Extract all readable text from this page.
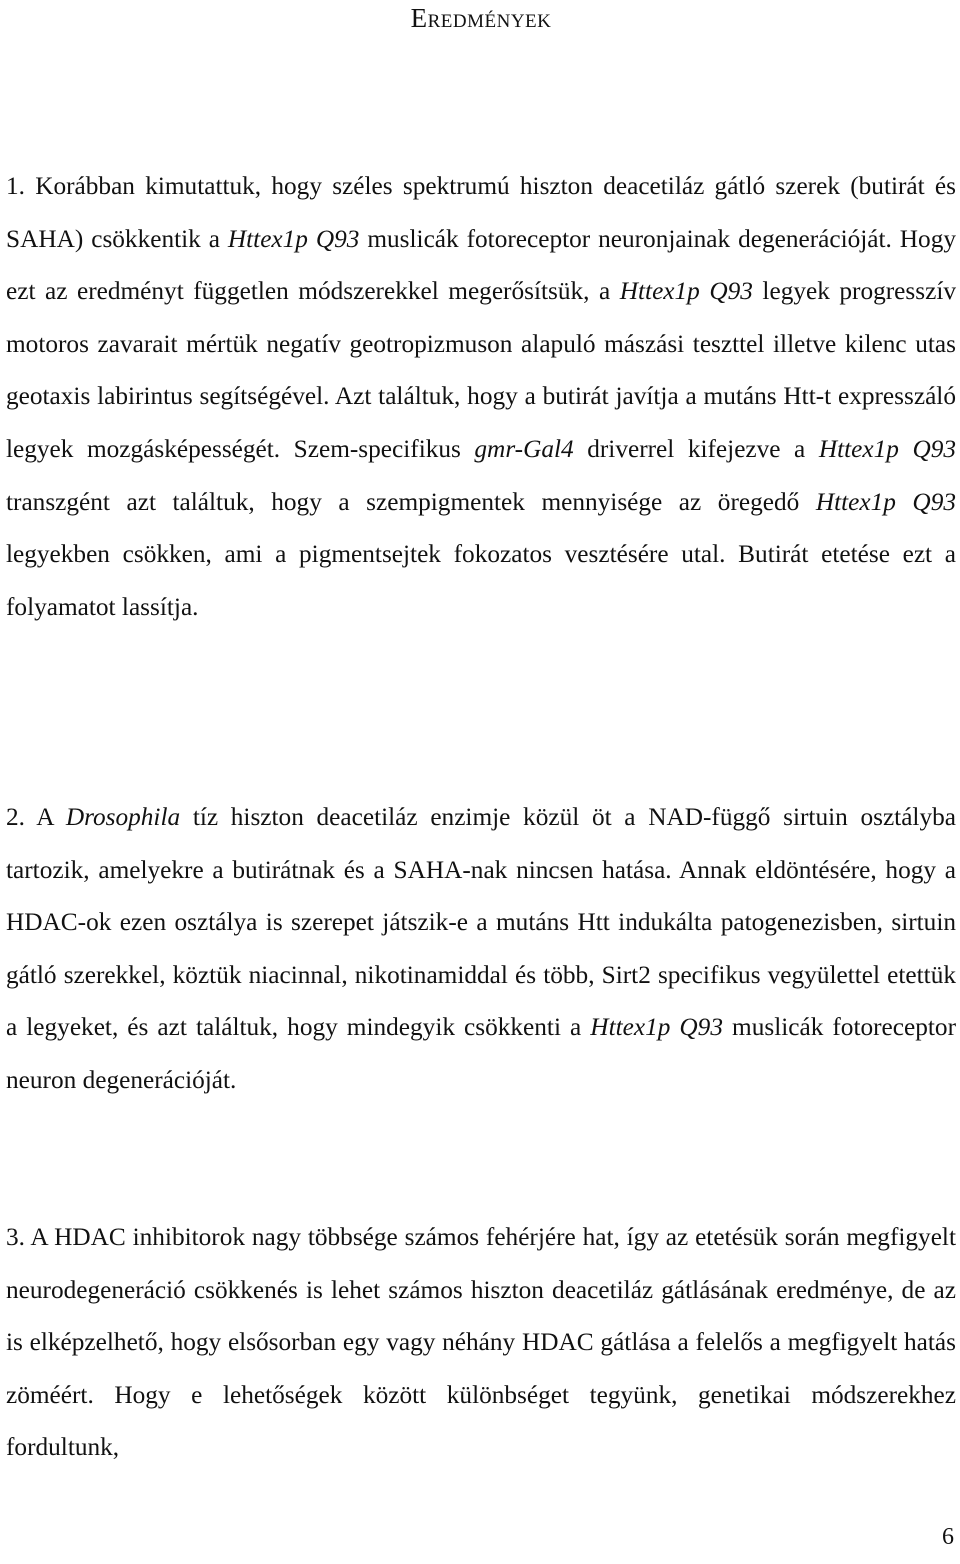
Eredmények

1. Korábban kimutattuk, hogy széles spektrumú hiszton deacetiláz gátló szerek (butirát és SAHA) csökkentik a Httex1p Q93 muslicák fotoreceptor neuronjainak degenerációját. Hogy ezt az eredményt független módszerekkel megerősítsük, a Httex1p Q93 legyek progresszív motoros zavarait mértük negatív geotropizmuson alapuló mászási teszttel illetve kilenc utas geotaxis labirintus segítségével. Azt találtuk, hogy a butirát javítja a mutáns Htt-t expresszáló legyek mozgásképességét. Szem-specifikus gmr-Gal4 driverrel kifejezve a Httex1p Q93 transzgént azt találtuk, hogy a szempigmentek mennyisége az öregedő Httex1p Q93 legyekben csökken, ami a pigmentsejtek fokozatos vesztésére utal. Butirát etetése ezt a folyamatot lassítja.

2. A Drosophila tíz hiszton deacetiláz enzimje közül öt a NAD-függő sirtuin osztályba tartozik, amelyekre a butirátnak és a SAHA-nak nincsen hatása. Annak eldöntésére, hogy a HDAC-ok ezen osztálya is szerepet játszik-e a mutáns Htt indukálta patogenezisben, sirtuin gátló szerekkel, köztük niacinnal, nikotinamiddal és több, Sirt2 specifikus vegyülettel etettük a legyeket, és azt találtuk, hogy mindegyik csökkenti a Httex1p Q93 muslicák fotoreceptor neuron degenerációját.

3. A HDAC inhibitorok nagy többsége számos fehérjére hat, így az etetésük során megfigyelt neurodegeneráció csökkenés is lehet számos hiszton deacetiláz gátlásának eredménye, de az is elképzelhető, hogy elsősorban egy vagy néhány HDAC gátlása a felelős a megfigyelt hatás zöméért. Hogy e lehetőségek között különbséget tegyünk, genetikai módszerekhez fordultunk,

6
